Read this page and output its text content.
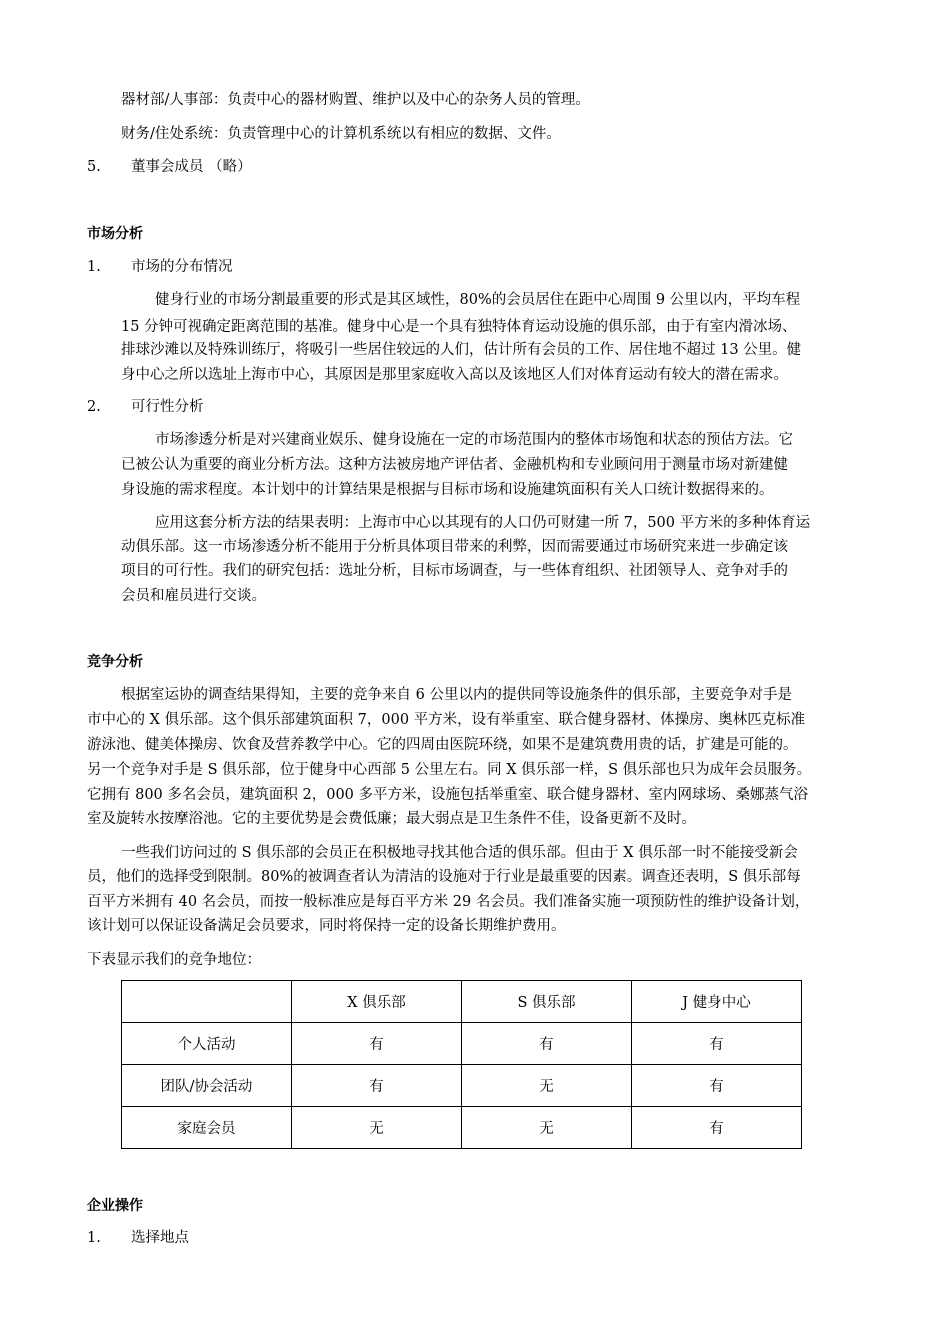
器材部/人事部：负责中心的器材购置、维护以及中心的杂务人员的管理。
财务/住处系统：负责管理中心的计算机系统以有相应的数据、文件。
5. 董事会成员 （略）
市场分析
1. 市场的分布情况
健身行业的市场分割最重要的形式是其区域性，80%的会员居住在距中心周围 9 公里以内，平均车程
15 分钟可视确定距离范围的基准。健身中心是一个具有独特体育运动设施的俱乐部，由于有室内滑冰场、
排球沙滩以及特殊训练厅，将吸引一些居住较远的人们，估计所有会员的工作、居住地不超过 13 公里。健
身中心之所以选址上海市中心，其原因是那里家庭收入高以及该地区人们对体育运动有较大的潜在需求。
2. 可行性分析
市场渗透分析是对兴建商业娱乐、健身设施在一定的市场范围内的整体市场饱和状态的预估方法。它
已被公认为重要的商业分析方法。这种方法被房地产评估者、金融机构和专业顾问用于测量市场对新建健
身设施的需求程度。本计划中的计算结果是根据与目标市场和设施建筑面积有关人口统计数据得来的。
应用这套分析方法的结果表明：上海市中心以其现有的人口仍可财建一所 7，500 平方米的多种体育运
动俱乐部。这一市场渗透分析不能用于分析具体项目带来的利弊，因而需要通过市场研究来进一步确定该
项目的可行性。我们的研究包括：选址分析，目标市场调查，与一些体育组织、社团领导人、竞争对手的
会员和雇员进行交谈。
竞争分析
根据室运协的调查结果得知，主要的竞争来自 6 公里以内的提供同等设施条件的俱乐部，主要竞争对手是
市中心的 X 俱乐部。这个俱乐部建筑面积 7，000 平方米，设有举重室、联合健身器材、体操房、奥林匹克标准
游泳池、健美体操房、饮食及营养教学中心。它的四周由医院环绕，如果不是建筑费用贵的话，扩建是可能的。
另一个竞争对手是 S 俱乐部，位于健身中心西部 5 公里左右。同 X 俱乐部一样，S 俱乐部也只为成年会员服务。
它拥有 800 多名会员，建筑面积 2，000 多平方米，设施包括举重室、联合健身器材、室内网球场、桑娜蒸气浴
室及旋转水按摩浴池。它的主要优势是会费低廉；最大弱点是卫生条件不佳，设备更新不及时。
一些我们访问过的 S 俱乐部的会员正在积极地寻找其他合适的俱乐部。但由于 X 俱乐部一时不能接受新会
员，他们的选择受到限制。80%的被调查者认为清洁的设施对于行业是最重要的因素。调查还表明，S 俱乐部每
百平方米拥有 40 名会员，而按一般标准应是每百平方米 29 名会员。我们准备实施一项预防性的维护设备计划，
该计划可以保证设备满足会员要求，同时将保持一定的设备长期维护费用。
下表显示我们的竞争地位：
	X 俱乐部	S 俱乐部	J 健身中心
个人活动	有	有	有
团队/协会活动	有	无	有
家庭会员	无	无	有
企业操作
1. 选择地点
